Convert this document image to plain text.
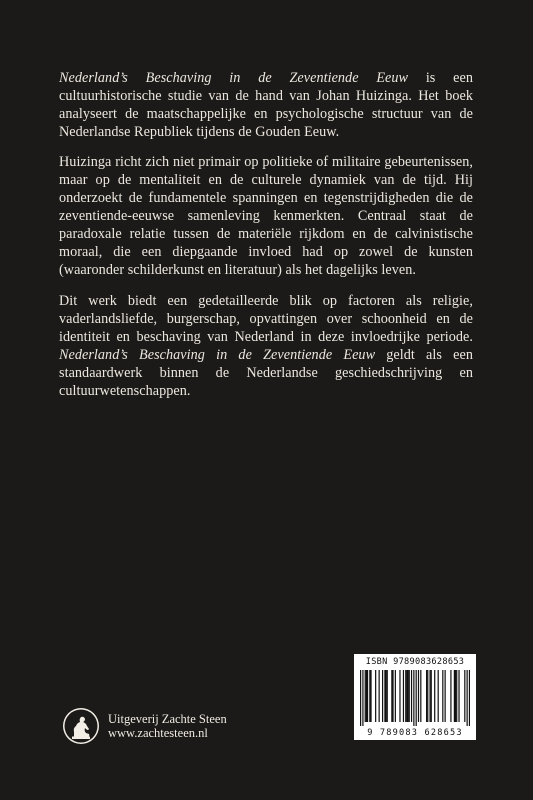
Nederland’s Beschaving in de Zeventiende Eeuw is een cultuurhistorische studie van de hand van Johan Huizinga. Het boek analyseert de maatschappelijke en psychologische structuur van de Nederlandse Republiek tijdens de Gouden Eeuw.
Huizinga richt zich niet primair op politieke of militaire gebeurtenissen, maar op de mentaliteit en de culturele dynamiek van de tijd. Hij onderzoekt de fundamentele spanningen en tegenstrijdigheden die de zeventiende-eeuwse samenleving kenmerkten. Centraal staat de paradoxale relatie tussen de materiële rijkdom en de calvinistische moraal, die een diepgaande invloed had op zowel de kunsten (waaronder schilderkunst en literatuur) als het dagelijks leven.
Dit werk biedt een gedetailleerde blik op factoren als religie, vaderlandsliefde, burgerschap, opvattingen over schoonheid en de identiteit en beschaving van Nederland in deze invloedrijke periode. Nederland’s Beschaving in de Zeventiende Eeuw geldt als een standaardwerk binnen de Nederlandse geschiedschrijving en cultuurwetenschappen.
Uitgeverij Zachte Steen
www.zachtesteen.nl
ISBN 9789083628653
9 789083 628653
